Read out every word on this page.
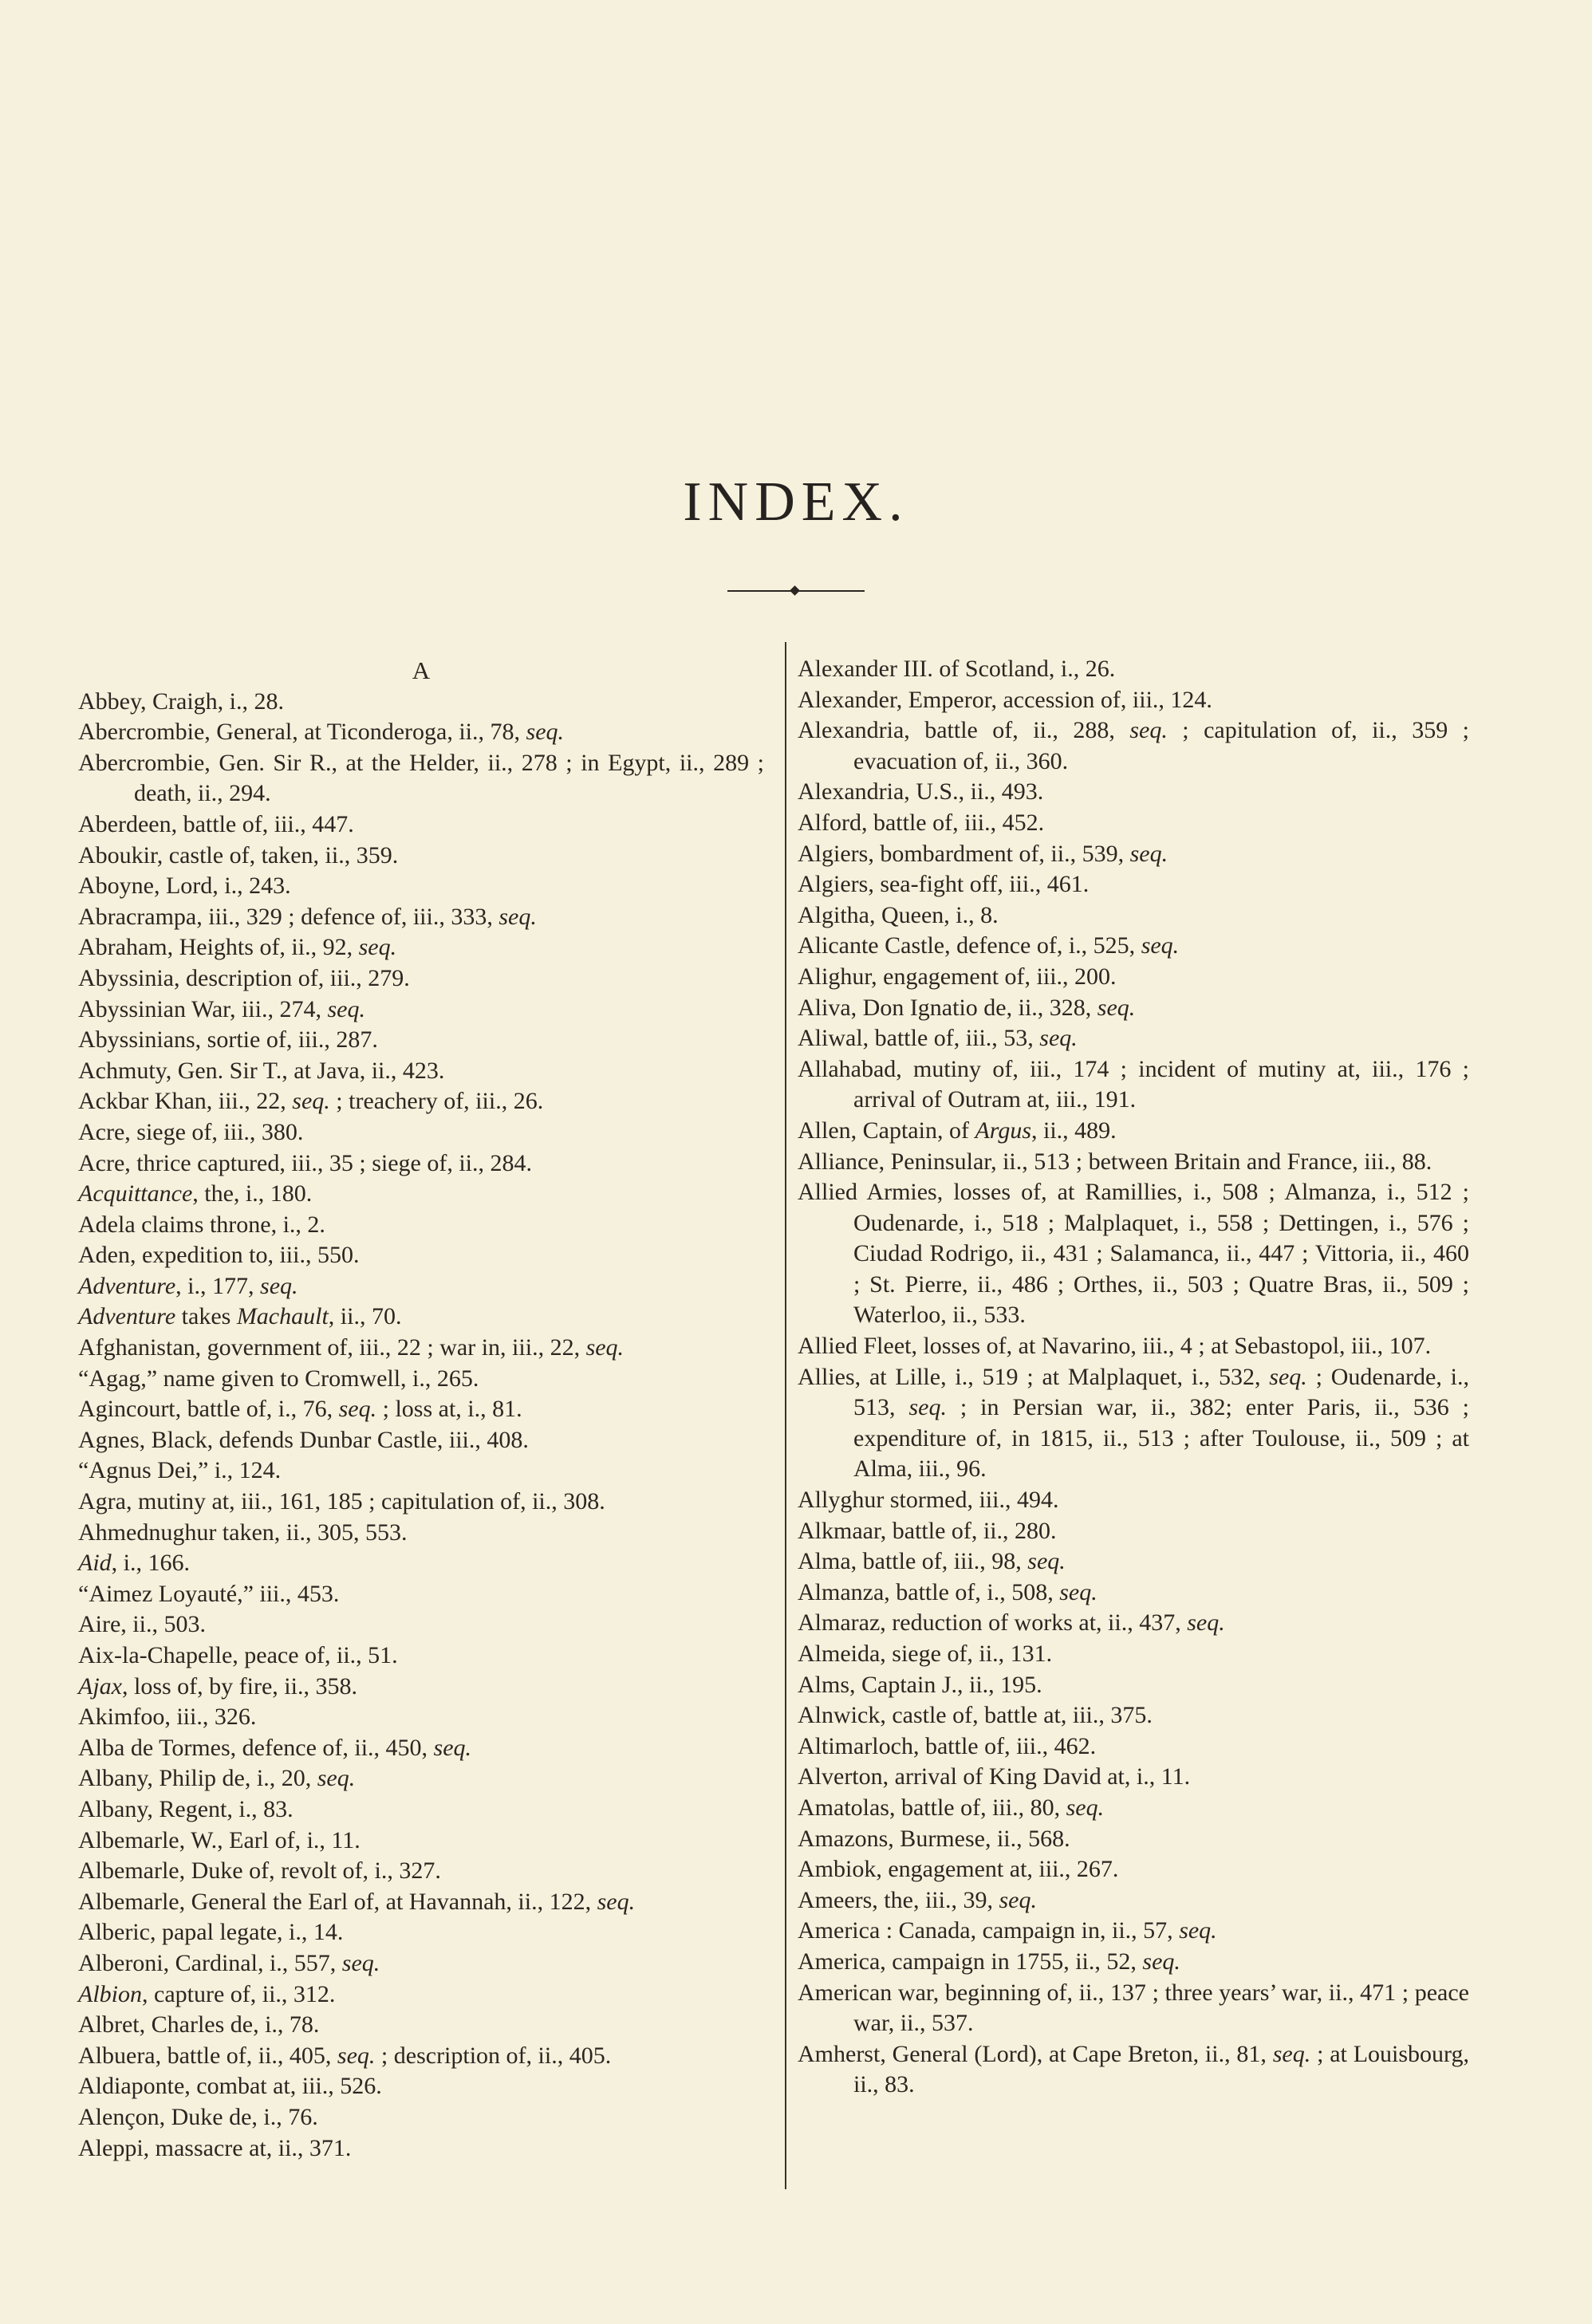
INDEX.
A
Abbey, Craigh, i., 28.
Abercrombie, General, at Ticonderoga, ii., 78, seq.
Abercrombie, Gen. Sir R., at the Helder, ii., 278 ; in Egypt, ii., 289 ; death, ii., 294.
Aberdeen, battle of, iii., 447.
Aboukir, castle of, taken, ii., 359.
Aboyne, Lord, i., 243.
Abracrampa, iii., 329 ; defence of, iii., 333, seq.
Abraham, Heights of, ii., 92, seq.
Abyssinia, description of, iii., 279.
Abyssinian War, iii., 274, seq.
Abyssinians, sortie of, iii., 287.
Achmuty, Gen. Sir T., at Java, ii., 423.
Ackbar Khan, iii., 22, seq. ; treachery of, iii., 26.
Acre, siege of, iii., 380.
Acre, thrice captured, iii., 35 ; siege of, ii., 284.
Acquittance, the, i., 180.
Adela claims throne, i., 2.
Aden, expedition to, iii., 550.
Adventure, i., 177, seq.
Adventure takes Machault, ii., 70.
Afghanistan, government of, iii., 22 ; war in, iii., 22, seq.
“Agag,” name given to Cromwell, i., 265.
Agincourt, battle of, i., 76, seq. ; loss at, i., 81.
Agnes, Black, defends Dunbar Castle, iii., 408.
“Agnus Dei,” i., 124.
Agra, mutiny at, iii., 161, 185 ; capitulation of, ii., 308.
Ahmednughur taken, ii., 305, 553.
Aid, i., 166.
“Aimez Loyauté,” iii., 453.
Aire, ii., 503.
Aix-la-Chapelle, peace of, ii., 51.
Ajax, loss of, by fire, ii., 358.
Akimfoo, iii., 326.
Alba de Tormes, defence of, ii., 450, seq.
Albany, Philip de, i., 20, seq.
Albany, Regent, i., 83.
Albemarle, W., Earl of, i., 11.
Albemarle, Duke of, revolt of, i., 327.
Albemarle, General the Earl of, at Havannah, ii., 122, seq.
Alberic, papal legate, i., 14.
Alberoni, Cardinal, i., 557, seq.
Albion, capture of, ii., 312.
Albret, Charles de, i., 78.
Albuera, battle of, ii., 405, seq. ; description of, ii., 405.
Aldiaponte, combat at, iii., 526.
Alençon, Duke de, i., 76.
Aleppi, massacre at, ii., 371.
Alexander III. of Scotland, i., 26.
Alexander, Emperor, accession of, iii., 124.
Alexandria, battle of, ii., 288, seq. ; capitulation of, ii., 359 ; evacuation of, ii., 360.
Alexandria, U.S., ii., 493.
Alford, battle of, iii., 452.
Algiers, bombardment of, ii., 539, seq.
Algiers, sea-fight off, iii., 461.
Algitha, Queen, i., 8.
Alicante Castle, defence of, i., 525, seq.
Alighur, engagement of, iii., 200.
Aliva, Don Ignatio de, ii., 328, seq.
Aliwal, battle of, iii., 53, seq.
Allahabad, mutiny of, iii., 174 ; incident of mutiny at, iii., 176 ; arrival of Outram at, iii., 191.
Allen, Captain, of Argus, ii., 489.
Alliance, Peninsular, ii., 513 ; between Britain and France, iii., 88.
Allied Armies, losses of, at Ramillies, i., 508 ; Almanza, i., 512 ; Oudenarde, i., 518 ; Malplaquet, i., 558 ; Dettingen, i., 576 ; Ciudad Rodrigo, ii., 431 ; Salamanca, ii., 447 ; Vittoria, ii., 460 ; St. Pierre, ii., 486 ; Orthes, ii., 503 ; Quatre Bras, ii., 509 ; Waterloo, ii., 533.
Allied Fleet, losses of, at Navarino, iii., 4 ; at Sebastopol, iii., 107.
Allies, at Lille, i., 519 ; at Malplaquet, i., 532, seq. ; Oudenarde, i., 513, seq. ; in Persian war, ii., 382; enter Paris, ii., 536 ; expenditure of, in 1815, ii., 513 ; after Toulouse, ii., 509 ; at Alma, iii., 96.
Allyghur stormed, iii., 494.
Alkmaar, battle of, ii., 280.
Alma, battle of, iii., 98, seq.
Almanza, battle of, i., 508, seq.
Almaraz, reduction of works at, ii., 437, seq.
Almeida, siege of, ii., 131.
Alms, Captain J., ii., 195.
Alnwick, castle of, battle at, iii., 375.
Altimarloch, battle of, iii., 462.
Alverton, arrival of King David at, i., 11.
Amatolas, battle of, iii., 80, seq.
Amazons, Burmese, ii., 568.
Ambiok, engagement at, iii., 267.
Ameers, the, iii., 39, seq.
America : Canada, campaign in, ii., 57, seq.
America, campaign in 1755, ii., 52, seq.
American war, beginning of, ii., 137 ; three years’ war, ii., 471 ; peace war, ii., 537.
Amherst, General (Lord), at Cape Breton, ii., 81, seq. ; at Louisbourg, ii., 83.
